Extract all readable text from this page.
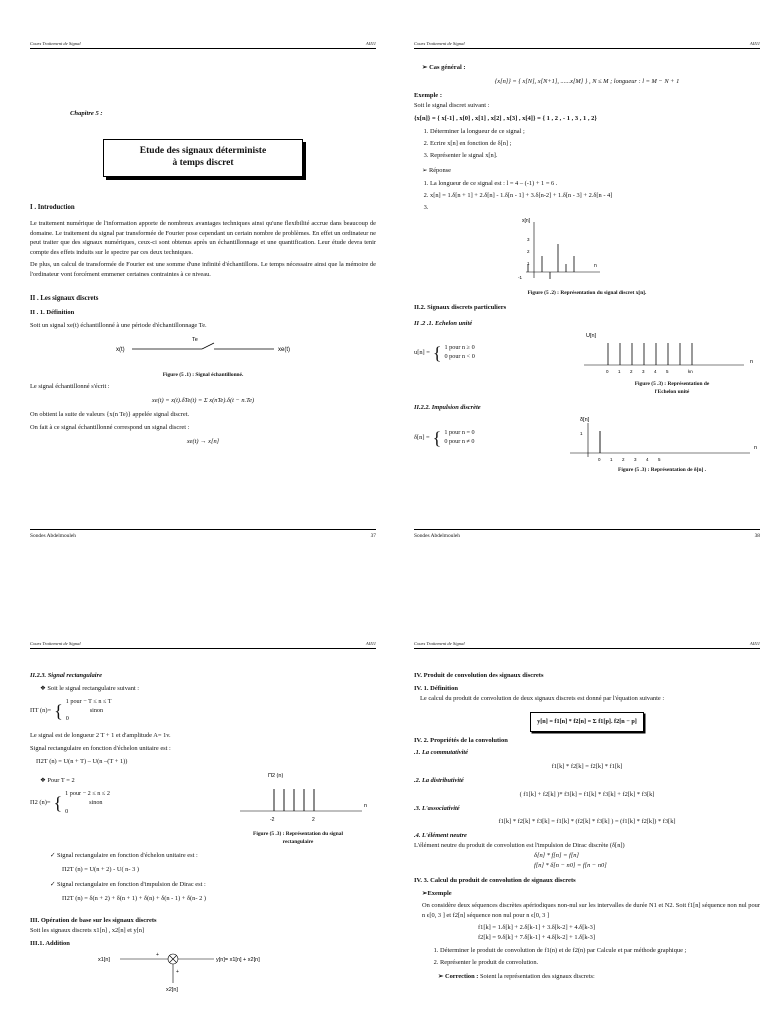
Cours Traitement de Signal	AII11
Chapitre 5 :
Etude des signaux déterministe
à temps discret
I . Introduction

Le traitement numérique de l'information apporte de nombreux avantages techniques ainsi qu'une flexibilité accrue dans beaucoup de domaine. Le traitement du signal par transformée de Fourier pose cependant un certain nombre de problèmes. En effet un ordinateur ne peut traiter que des signaux numériques, ceux-ci sont obtenus après un échantillonnage et une quantification. Leur étude devra tenir compte des effets induits sur le spectre par ces deux techniques.

De plus, un calcul de transformée de Fourier est une somme d'une infinité d'échantillons. Le temps nécessaire ainsi que la mémoire de l'ordinateur vont forcément emmener certaines contraintes à ce niveau.

II . Les signaux discrets
II . 1. Définition
Soit un signal xe(t) échantillonné à une période d'échantillonnage Te.
x(t)
Te
xe(t)
Figure (5 .1) : Signal échantillonné.
Le signal échantillonné s'écrit :
xe(t) = x(t).δTe(t) = Σ x(nTe).δ(t − n.Te)
On obtient la suite de valeurs {x(n Te)} appelée signal discret.
On fait à ce signal échantillonné correspond un signal discret :
xe(t) → x[n]
Sondes Abdelmouleh	37
Cours Traitement de Signal	AII11
➢ Cas général :
{x[n]} = { x[N], x[N+1], ......x[M] } , N ≤ M ; longueur : l = M − N + 1
Exemple :
Soit le signal discret suivant :
{x[n]} = { x[-1] , x[0] , x[1] , x[2] , x[3] , x[4]} = { 1 , 2 , - 1 , 3 , 1 , 2}
1. Déterminer la longueur de ce signal ;
2. Ecrire x[n] en fonction de δ[n] ;
3. Représenter le signal x[n].
➢ Réponse
1. La longueur de ce signal est : l = 4 – (-1) + 1 = 6 .
2. x[n] = 1.δ[n + 1] + 2.δ[n] - 1.δ[n - 1] + 3.δ[n-2] + 1.δ[n - 3] + 2.δ[n - 4]
3.
x[n]
n
3
2
1
-1
Figure (5 .2) : Représentation du signal discret x[n].
II.2. Signaux discrets particuliers
II .2 .1. Echelon unité
u[n] = { 1 pour n ≥ 0
0 pour n < 0
U[n]
n
0 1 2 3 4 5	kn
Figure (5 .3) : Représentation de
l'Echelon unité
II.2.2. Impulsion discrète
δ[n] = { 1 pour n = 0
0 pour n ≠ 0
δ[n]
n
1
0 1 2 3 4 5
Figure (5 .3) : Représentation de δ[n] .
Sondes Abdelmouleh	38
Cours Traitement de Signal	AII11
II.2.3. Signal rectangulaire
❖ Soit le signal rectangulaire suivant :
ΠT (n)= { 1 pour − T ≤ n ≤ T
sinon
0
Le signal est de longueur 2 T + 1 et d'amplitude A= 1v.
Signal rectangulaire en fonction d'échelon unitaire est :
Π2T (n) = U(n + T) – U(n –(T + 1))
❖ Pour T = 2
Π2 (n)= { 1 pour − 2 ≤ n ≤ 2
sinon
0
Π2 (n)
n
-2	2
Figure (5 .3) : Représentation du signal
rectangulaire
✓ Signal rectangulaire en fonction d'échelon unitaire est :
Π2T (n) = U(n + 2) - U( n- 3 )
✓ Signal rectangulaire en fonction d'impulsion de Dirac est :
Π2T (n) = δ(n + 2) + δ(n + 1) + δ(n) + δ(n - 1) + δ(n- 2 )
III. Opération de base sur les signaux discrets
Soit les signaux discrets x1[n] , x2[n] et y[n]
III.1. Addition
x1[n]
+
y[n]= x1[n] + x2[n]
+
x2[n]
Cours Traitement de Signal	AII11
IV. Produit de convolution des signaux discrets
IV. 1. Définition
Le calcul du produit de convolution de deux signaux discrets est donné par l'équation suivante :
y[n] = f1[n] * f2[n] = Σ f1[p]. f2[n − p]
IV. 2. Propriétés de la convolution
.1. La commutativité
f1[k] * f2[k] = f2[k] * f1[k]
.2. La distributivité
( f1[k] + f2[k] )* f3[k] = f1[k] * f3[k] + f2[k] * f3[k]
.3. L'associativité
f1[k] * f2[k] * f3[k] = f1[k] * (f2[k] * f3[k] ) = (f1[k] * f2[k]) * f3[k]
.4. L'élément neutre
L'élément neutre du produit de convolution est l'impulsion de Dirac discrète (δ[n])
δ[n] * f[n] = f[n]
f[n] * δ[n − n0] = f[n − n0]
IV. 3. Calcul du produit de convolution de signaux discrets
➢Exemple
On considère deux séquences discrètes apériodiques non-nul sur les intervalles de durée N1 et N2. Soit f1[n] séquence non nul pour n ϵ[0, 3 ] et f2[n] séquence non nul pour n ϵ[0, 3 ]
f1[k] = 1.δ[k] + 2.δ[k-1] + 3.δ[k-2] + 4.δ[k-3]
f2[k] = 9.δ[k] + 7.δ[k-1] + 4.δ[k-2] + 1.δ[k-3]
1. Déterminer le produit de convolution de f1(n) et de f2(n) par Calcule et par méthode graphique ;
2. Représenter le produit de convolution.
➢ Correction : Soient la représentation des signaux discrets:
